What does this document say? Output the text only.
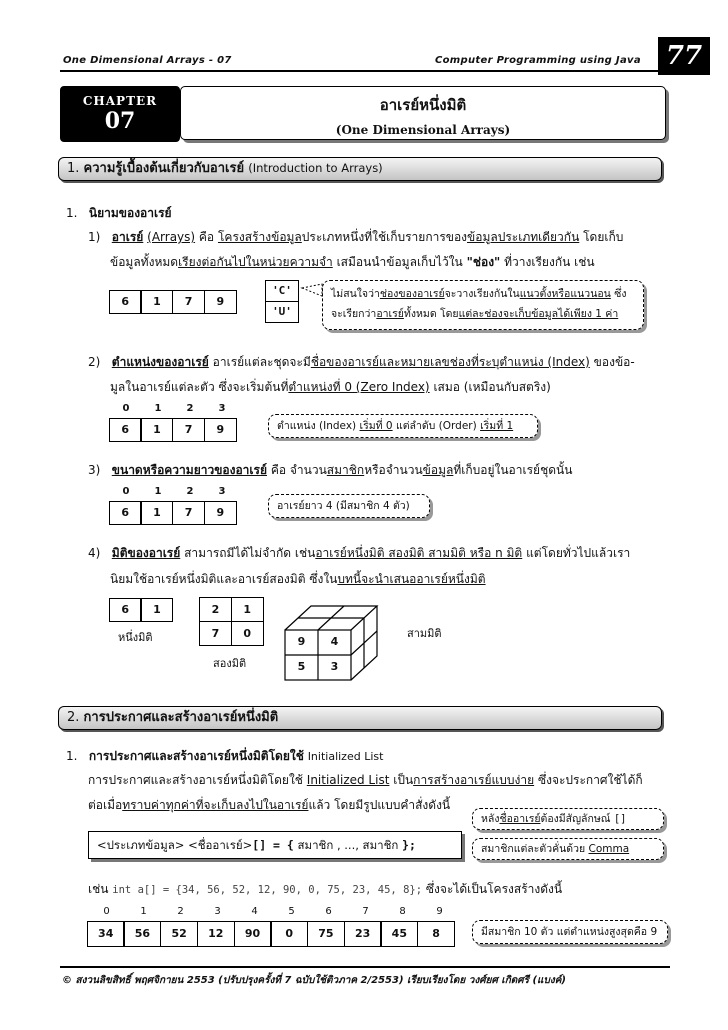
One Dimensional Arrays - 07	Computer Programming using Java 77
CHAPTER
07
อาเรย์หนึ่งมิติ
(One Dimensional Arrays)
1. ความรู้เบื้องต้นเกี่ยวกับอาเรย์ (Introduction to Arrays)
1. นิยามของอาเรย์
1) อาเรย์ (Arrays) คือ โครงสร้างข้อมูลประเภทหนึ่งที่ใช้เก็บรายการของข้อมูลประเภทเดียวกัน โดยเก็บ
ข้อมูลทั้งหมดเรียงต่อกันไปในหน่วยความจำ เสมือนนำข้อมูลเก็บไว้ใน "ช่อง" ที่วางเรียงกัน เช่น
6	1	7	9
'C'
'U'
ไม่สนใจว่าช่องของอาเรย์จะวางเรียงกันในแนวตั้งหรือแนวนอน ซึ่ง
จะเรียกว่าอาเรย์ทั้งหมด โดยแต่ละช่องจะเก็บข้อมูลได้เพียง 1 ค่า
2) ตำแหน่งของอาเรย์ อาเรย์แต่ละชุดจะมีชื่อของอาเรย์และหมายเลขช่องที่ระบุตำแหน่ง (Index) ของข้อ-
มูลในอาเรย์แต่ละตัว ซึ่งจะเริ่มต้นที่ตำแหน่งที่ 0 (Zero Index) เสมอ (เหมือนกับสตริง)
0	1	2	3
6	1	7	9	ตำแหน่ง (Index) เริ่มที่ 0 แต่ลำดับ (Order) เริ่มที่ 1
3) ขนาดหรือความยาวของอาเรย์ คือ จำนวนสมาชิกหรือจำนวนข้อมูลที่เก็บอยู่ในอาเรย์ชุดนั้น
0	1	2	3
6	1	7	9	อาเรย์ยาว 4 (มีสมาชิก 4 ตัว)
4) มิติของอาเรย์ สามารถมีได้ไม่จำกัด เช่นอาเรย์หนึ่งมิติ สองมิติ สามมิติ หรือ n มิติ แต่โดยทั่วไปแล้วเรา
นิยมใช้อาเรย์หนึ่งมิติและอาเรย์สองมิติ ซึ่งในบทนี้จะนำเสนออาเรย์หนึ่งมิติ
6	1
หนึ่งมิติ
2	1
7	0
สองมิติ
9	4
5	3
สามมิติ
2. การประกาศและสร้างอาเรย์หนึ่งมิติ
1. การประกาศและสร้างอาเรย์หนึ่งมิติโดยใช้ Initialized List
การประกาศและสร้างอาเรย์หนึ่งมิติโดยใช้ Initialized List เป็นการสร้างอาเรย์แบบง่าย ซึ่งจะประกาศใช้ได้ก็
ต่อเมื่อทราบค่าทุกค่าที่จะเก็บลงไปในอาเรย์แล้ว โดยมีรูปแบบคำสั่งดังนี้
<ประเภทข้อมูล> <ชื่ออาเรย์>[] = { สมาชิก , ..., สมาชิก };
หลังชื่ออาเรย์ต้องมีสัญลักษณ์ []
สมาชิกแต่ละตัวคั่นด้วย Comma
เช่น int a[] = {34, 56, 52, 12, 90, 0, 75, 23, 45, 8}; ซึ่งจะได้เป็นโครงสร้างดังนี้
0	1	2	3	4	5	6	7	8	9
34	56	52	12	90	0	75	23	45	8	มีสมาชิก 10 ตัว แต่ตำแหน่งสูงสุดคือ 9
© สงวนลิขสิทธิ์ พฤศจิกายน 2553 (ปรับปรุงครั้งที่ 7 ฉบับใช้ติวภาค 2/2553) เรียบเรียงโดย วงศ์ยศ เกิดศรี (แบงค์)
